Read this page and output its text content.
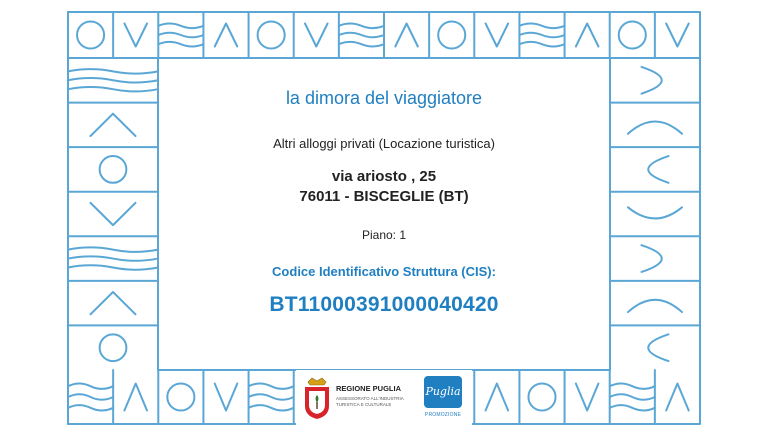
la dimora del viaggiatore
Altri alloggi privati (Locazione turistica)
via ariosto , 25
76011 - BISCEGLIE (BT)
Piano: 1
Codice Identificativo Struttura (CIS):
BT11000391000040420
REGIONE PUGLIA
ASSESSORATO ALL'INDUSTRIA TURISTICA E CULTURALE
Puglia
PROMOZIONE
